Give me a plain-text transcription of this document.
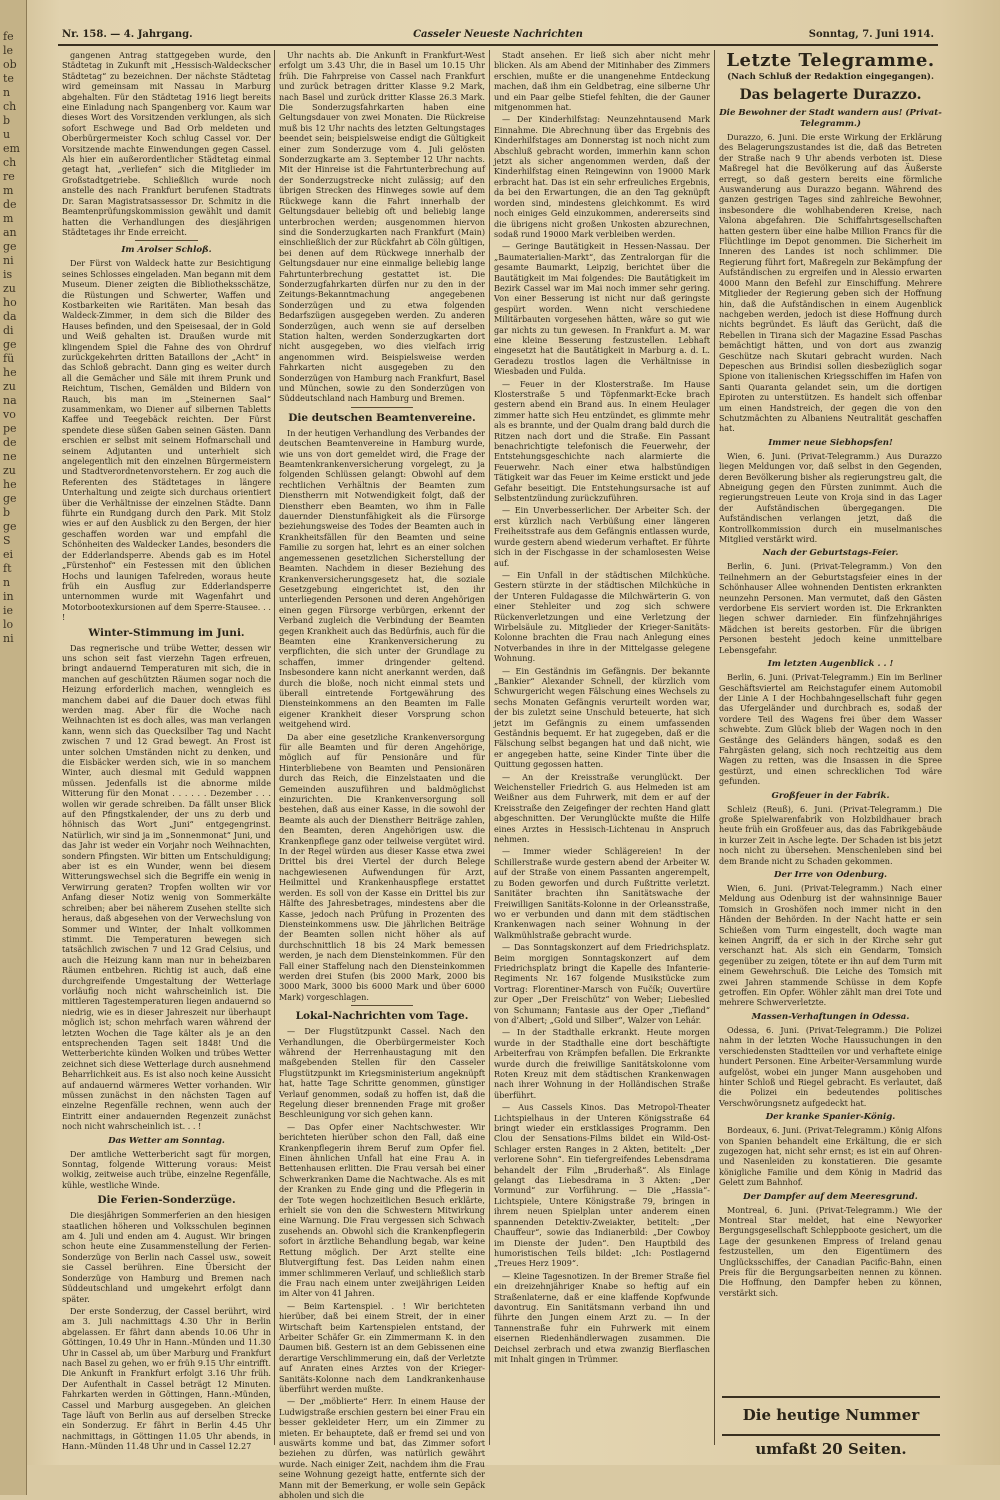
fe
le
ob
te
n
ch
b
u
em
ch
re
m
de
m
an
ge
ni
is
zu
ho
da
di
ge
fü
he
zu
na
vo
pe
de
ne
zu
he
ge
b
ge
S
ei
ft
n
in
ie
lo
ni
Nr. 158. — 4. Jahrgang.	Casseler Neueste Nachrichten	Sonntag, 7. Juni 1914.

gangenen Antrag stattgegeben wurde, den Städtetag in Zukunft mit „Hessisch-Waldeckscher Städtetag“ zu bezeichnen. Der nächste Städtetag wird gemeinsam mit Nassau in Marburg abgehalten. Für den Städtetag 1916 liegt bereits eine Einladung nach Spangenberg vor. Kaum war dieses Wort des Vorsitzenden verklungen, als sich sofort Eschwege und Bad Orb meldeten und Oberbürgermeister Koch schlug Cassel vor. Der Vorsitzende machte Einwendungen gegen Cassel. Als hier ein außerordentlicher Städtetag einmal getagt hat, „verliefen“ sich die Mitglieder im Großstadtgetriebe. Schließlich wurde noch anstelle des nach Frankfurt berufenen Stadtrats Dr. Saran Magistratsassessor Dr. Schmitz in die Beamtenprüfungskommission gewählt und damit hatten die Verhandlungen des diesjährigen Städtetages ihr Ende erreicht.

Im Arolser Schloß.

Der Fürst von Waldeck hatte zur Besichtigung seines Schlosses eingeladen. Man begann mit dem Museum. Diener zeigten die Bibliotheksschätze, die Rüstungen und Schwerter, Waffen und Kostbarkeiten wie Raritäten. Man besah das Waldeck-Zimmer, in dem sich die Bilder des Hauses befinden, und den Speisesaal, der in Gold und Weiß gehalten ist. Draußen wurde mit klingendem Spiel die Fahne des von Ohrdruf zurückgekehrten dritten Bataillons der „Acht“ in das Schloß gebracht. Dann ging es weiter durch all die Gemächer und Säle mit ihrem Prunk und Reichtum, Tischen, Gemälden und Bildern von Rauch, bis man im „Steinernen Saal“ zusammenkam, wo Diener auf silbernen Tabletts Kaffee und Teegebäck reichten. Der Fürst spendete diese süßen Gaben seinen Gästen. Dann erschien er selbst mit seinem Hofmarschall und seinem Adjutanten und unterhielt sich angelegentlich mit den einzelnen Bürgermeistern und Stadtverordnetenvorstehern. Er zog auch die Referenten des Städtetages in längere Unterhaltung und zeigte sich durchaus orientiert über die Verhältnisse der einzelnen Städte. Dann führte ein Rundgang durch den Park. Mit Stolz wies er auf den Ausblick zu den Bergen, der hier geschaffen worden war und empfahl die Schönheiten des Waldecker Landes, besonders die der Edderlandsperre. Abends gab es im Hotel „Fürstenhof“ ein Festessen mit den üblichen Hochs und launigen Tafelreden, woraus heute früh ein Ausflug zur Edderlandsperre unternommen wurde mit Wagenfahrt und Motorbootexkursionen auf dem Sperre-Stausee. . . !

Winter-Stimmung im Juni.

Das regnerische und trübe Wetter, dessen wir uns schon seit fast vierzehn Tagen erfreuen, bringt andauernd Temperaturen mit sich, die in manchen auf geschützten Räumen sogar noch die Heizung erforderlich machen, wenngleich es manchem dabei auf die Dauer doch etwas fühl werden mag. Aber für die Woche nach Weihnachten ist es doch alles, was man verlangen kann, wenn sich das Quecksilber Tag und Nacht zwischen 7 und 12 Grad bewegt. An Frost ist unter solchen Umständen nicht zu denken, und die Eisbäcker werden sich, wie in so manchem Winter, auch diesmal mit Geduld wappnen müssen. Jedenfalls ist die abnorme milde Witterung für den Monat . . . . . . Dezember . . . wollen wir gerade schreiben. Da fällt unser Blick auf den Pfingstkalender, der uns zu derb und höhnisch das Wort „Juni“ entgegengrinst. Natürlich, wir sind ja im „Sonnenmonat“ Juni, und das Jahr ist weder ein Vorjahr noch Weihnachten, sondern Pfingsten. Wir bitten um Entschuldigung; aber ist es ein Wunder, wenn bei diesem Witterungswechsel sich die Begriffe ein wenig in Verwirrung geraten? Tropfen wollten wir vor Anfang dieser Notiz wenig von Sommerkälte schreiben; aber bei näherem Zusehen stellte sich heraus, daß abgesehen von der Verwechslung von Sommer und Winter, der Inhalt vollkommen stimmt. Die Temperaturen bewegen sich tatsächlich zwischen 7 und 12 Grad Celsius, und auch die Heizung kann man nur in beheizbaren Räumen entbehren. Richtig ist auch, daß eine durchgreifende Umgestaltung der Wetterlage vorläufig noch nicht wahrscheinlich ist. Die mittleren Tagestemperaturen liegen andauernd so niedrig, wie es in dieser Jahreszeit nur überhaupt möglich ist; schon mehrfach waren während der letzten Wochen die Tage kälter als je an den entsprechenden Tagen seit 1848! Und die Wetterberichte künden Wolken und trübes Wetter zeichnet sich diese Wetterlage durch ausnehmend Beharrlichkeit aus. Es ist also noch keine Aussicht auf andauernd wärmeres Wetter vorhanden. Wir müssen zunächst in den nächsten Tagen auf einzelne Regenfälle rechnen, wenn auch der Eintritt einer andauernden Regenzeit zunächst noch nicht wahrscheinlich ist. . . !

Das Wetter am Sonntag.

Der amtliche Wetterbericht sagt für morgen, Sonntag, folgende Witterung voraus: Meist wolkig, zeitweise auch trübe, einzelne Regenfälle, kühle, westliche Winde.

Die Ferien-Sonderzüge.

Die diesjährigen Sommerferien an den hiesigen staatlichen höheren und Volksschulen beginnen am 4. Juli und enden am 4. August. Wir bringen schon heute eine Zusammenstellung der Ferien-Sonderzüge von Berlin nach Cassel usw., soweit sie Cassel berühren. Eine Übersicht der Sonderzüge von Hamburg und Bremen nach Süddeutschland und umgekehrt erfolgt dann später.

Der erste Sonderzug, der Cassel berührt, wird am 3. Juli nachmittags 4.30 Uhr in Berlin abgelassen. Er fährt dann abends 10.06 Uhr in Göttingen, 10.49 Uhr in Hann.-Münden und 11.30 Uhr in Cassel ab, um über Marburg und Frankfurt nach Basel zu gehen, wo er früh 9.15 Uhr eintrifft. Die Ankunft in Frankfurt erfolgt 3.16 Uhr früh. Der Aufenthalt in Cassel beträgt 12 Minuten. Fahrkarten werden in Göttingen, Hann.-Münden, Cassel und Marburg ausgegeben. An gleichen Tage läuft von Berlin aus auf derselben Strecke ein Sonderzug. Er fährt in Berlin 4.45 Uhr nachmittags, in Göttingen 11.05 Uhr abends, in Hann.-Münden 11.48 Uhr und in Cassel 12.27

Uhr nachts ab. Die Ankunft in Frankfurt-West erfolgt um 3.43 Uhr, die in Basel um 10.15 Uhr früh. Die Fahrpreise von Cassel nach Frankfurt und zurück betragen dritter Klasse 9.2 Mark, nach Basel und zurück dritter Klasse 26.3 Mark. Die Sonderzugsfahrkarten haben eine Geltungsdauer von zwei Monaten. Die Rückreise muß bis 12 Uhr nachts des letzten Geltungstages beendet sein; beispielsweise endigt die Gültigkeit einer zum Sonderzuge vom 4. Juli gelösten Sonderzugkarte am 3. September 12 Uhr nachts. Mit der Hinreise ist die Fahrtunterbrechung auf der Sonderzugstrecke nicht zulässig; auf den übrigen Strecken des Hinweges sowie auf dem Rückwege kann die Fahrt innerhalb der Geltungsdauer beliebig oft und beliebig lange unterbrochen werden; ausgenommen hiervon sind die Sonderzugkarten nach Frankfurt (Main) einschließlich der zur Rückfahrt ab Cöln gültigen, bei denen auf dem Rückwege innerhalb der Geltungsdauer nur eine einmalige beliebig lange Fahrtunterbrechung gestattet ist. Die Sonderzugfahrkarten dürfen nur zu den in der Zeitungs-Bekanntmachung angegebenen Sonderzügen und zu etwa folgenden Bedarfszügen ausgegeben werden. Zu anderen Sonderzügen, auch wenn sie auf derselben Station halten, werden Sonderzugkarten dort nicht ausgegeben, wo dies vielfach irrig angenommen wird. Beispielsweise werden Fahrkarten nicht ausgegeben zu den Sonderzügen von Hamburg nach Frankfurt, Basel und München, sowie zu den Sonderzügen von Süddeutschland nach Hamburg und Bremen.

Die deutschen Beamtenvereine.

In der heutigen Verhandlung des Verbandes der deutschen Beamtenvereine in Hamburg wurde, wie uns von dort gemeldet wird, die Frage der Beamtenkrankenversicherung vorgelegt, zu ja folgenden Schlüssen gelangt: Obwohl auf dem rechtlichen Verhältnis der Beamten zum Dienstherrn mit Notwendigkeit folgt, daß der Dienstherr eben Beamten, wo ihm in Falle dauernder Dienstunfähigkeit als die Fürsorge beziehungsweise des Todes der Beamten auch in Krankheitsfällen für den Beamten und seine Familie zu sorgen hat, lehrt es an einer solchen angemessenen gesetzlichen Sicherstellung der Beamten. Nachdem in dieser Beziehung des Krankenversicherungsgesetz hat, die soziale Gesetzgebung eingerichtet ist, den ihr unterliegenden Personen und deren Angehörigen einen gegen Fürsorge verbürgen, erkennt der Verband zugleich die Verbindung der Beamten gegen Krankheit auch das Bedürfnis, auch für die Beamten eine Krankenversicherung zu verpflichten, die sich unter der Grundlage zu schaffen, immer dringender geltend. Insbesondere kann nicht anerkannt werden, daß durch die bloße, noch nicht einmal stets und überall eintretende Fortgewährung des Diensteinkommens an den Beamten im Falle eigener Krankheit dieser Vorsprung schon weitgehend wird.

Da aber eine gesetzliche Krankenversorgung für alle Beamten und für deren Angehörige, möglich auf für Pensionäre und für Hinterbliebene von Beamten und Pensionären durch das Reich, die Einzelstaaten und die Gemeinden auszuführen und baldmöglichst einzurichten. Die Krankenversorgung soll bestehen, daß aus einer Kasse, in die sowohl der Beamte als auch der Dienstherr Beiträge zahlen, den Beamten, deren Angehörigen usw. die Krankenpflege ganz oder teilweise vergütet wird. In der Regel würden aus dieser Kasse etwa zwei Drittel bis drei Viertel der durch Belege nachgewiesenen Aufwendungen für Arzt, Heilmittel und Krankenhauspflege erstattet werden. Es soll von der Kasse ein Drittel bis zur Hälfte des Jahresbetrages, mindestens aber die Kasse, jedoch nach Prüfung in Prozenten des Diensteinkommens usw. Die jährlichen Beiträge der Beamten sollen nicht höher als auf durchschnittlich 18 bis 24 Mark bemessen werden, je nach dem Diensteinkommen. Für den Fall einer Staffelung nach den Diensteinkommen werden drei Stufen (bis 2000 Mark, 2000 bis 3000 Mark, 3000 bis 6000 Mark und über 6000 Mark) vorgeschlagen.

Lokal-Nachrichten vom Tage.

— Der Flugstützpunkt Cassel. Nach den Verhandlungen, die Oberbürgermeister Koch während der Herrenhaustagung mit den maßgebenden Stellen für den Casseler Flugstützpunkt im Kriegsministerium angeknüpft hat, hatte Tage Schritte genommen, günstiger Verlauf genommen, sodaß zu hoffen ist, daß die Regelung dieser brennenden Frage mit großer Beschleunigung vor sich gehen kann.

— Das Opfer einer Nachtschwester. Wir berichteten hierüber schon den Fall, daß eine Krankenpflegerin ihrem Beruf zum Opfer fiel. Einen ähnlichen Unfall hat eine Frau A. in Bettenhausen erlitten. Die Frau versah bei einer Schwerkranken Dame die Nachtwache. Als es mit der Kranken zu Ende ging und die Pflegerin in der Tote wegen hochzeitlichen Besuch erklärte, erhielt sie von den die Schwestern Mitwirkung eine Warnung. Die Frau vergessen sich Schwach zusehends an. Obwohl sich die Krankenpflegerin sofort in ärztliche Behandlung begab, war keine Rettung möglich. Der Arzt stellte eine Blutvergiftung fest. Das Leiden nahm einen immer schlimmeren Verlauf, und schließlich starb die Frau nach einem unter zweijährigen Leiden im Alter von 41 Jahren.

— Beim Kartenspiel. . ! Wir berichteten hierüber, daß bei einem Streit, der in einer Wirtschaft beim Kartenspielen entstand, der Arbeiter Schäfer Gr. ein Zimmermann K. in den Daumen biß. Gestern ist an dem Gebissenen eine derartige Verschlimmerung ein, daß der Verletzte auf Anraten eines Arztes von der Krieger-Sanitäts-Kolonne nach dem Landkrankenhause überführt werden mußte.

— Der „möblierte“ Herr. In einem Hause der Ludwigstraße erschien gestern bei einer Frau ein besser gekleideter Herr, um ein Zimmer zu mieten. Er behauptete, daß er fremd sei und von auswärts komme und bat, das Zimmer sofort beziehen zu dürfen, was natürlich gewährt wurde. Nach einiger Zeit, nachdem ihm die Frau seine Wohnung gezeigt hatte, entfernte sich der Mann mit der Bemerkung, er wolle sein Gepäck abholen und sich die

Stadt ansehen. Er ließ sich aber nicht mehr blicken. Als am Abend der Mitinhaber des Zimmers erschien, mußte er die unangenehme Entdeckung machen, daß ihm ein Geldbetrag, eine silberne Uhr und ein Paar gelbe Stiefel fehlten, die der Gauner mitgenommen hat.

— Der Kinderhilfstag: Neunzehntausend Mark Einnahme. Die Abrechnung über das Ergebnis des Kinderhilfstages am Donnerstag ist noch nicht zum Abschluß gebracht worden, immerhin kann schon jetzt als sicher angenommen werden, daß der Kinderhilfstag einen Reingewinn von 19000 Mark erbracht hat. Das ist ein sehr erfreuliches Ergebnis, da bei den Erwartungen, die an den Tag geknüpft worden sind, mindestens gleichkommt. Es wird noch einiges Geld einzukommen, andererseits sind die übrigens nicht großen Unkosten abzurechnen, sodaß rund 19000 Mark verbleiben werden.

— Geringe Bautätigkeit in Hessen-Nassau. Der „Baumaterialien-Markt“, das Zentralorgan für die gesamte Baumarkt, Leipzig, berichtet über die Bautätigkeit im Mai folgendes: Die Bautätigkeit im Bezirk Cassel war im Mai noch immer sehr gering. Von einer Besserung ist nicht nur daß geringste gespürt worden. Wenn nicht verschiedene Militärbauten vorgesehen hätten, wäre so gut wie gar nichts zu tun gewesen. In Frankfurt a. M. war eine kleine Besserung festzustellen. Lebhaft eingesetzt hat die Bautätigkeit in Marburg a. d. L. Geradezu trostlos lagen die Verhältnisse in Wiesbaden und Fulda.

— Feuer in der Klosterstraße. Im Hause Klosterstraße 5 und Töpfenmarkt-Ecke brach gestern abend ein Brand aus. In einem Heulager zimmer hatte sich Heu entzündet, es glimmte mehr als es brannte, und der Qualm drang bald durch die Ritzen nach dort und die Straße. Ein Passant benachrichtigte telefonisch die Feuerwehr, der Entstehungsgeschichte nach alarmierte die Feuerwehr. Nach einer etwa halbstündigen Tätigkeit war das Feuer im Keime erstickt und jede Gefahr beseitigt. Die Entstehungsursache ist auf Selbstentzündung zurückzuführen.

— Ein Unverbesserlicher. Der Arbeiter Sch. der erst kürzlich nach Verbüßung einer längeren Freiheitsstrafe aus dem Gefängnis entlassen wurde, wurde gestern abend wiederum verhaftet. Er führte sich in der Fischgasse in der schamlosesten Weise auf.

— Ein Unfall in der städtischen Milchküche. Gestern stürzte in der städtischen Milchküche in der Unteren Fuldagasse die Milchwärterin G. von einer Stehleiter und zog sich schwere Rückenverletzungen und eine Verletzung der Wirbelsäule zu. Mitglieder der Krieger-Sanitäts-Kolonne brachten die Frau nach Anlegung eines Notverbandes in ihre in der Mittelgasse gelegene Wohnung.

— Ein Geständnis im Gefängnis. Der bekannte „Bankier“ Alexander Schnell, der kürzlich vom Schwurgericht wegen Fälschung eines Wechsels zu sechs Monaten Gefängnis verurteilt worden war, der bis zuletzt seine Unschuld beteuerte, hat sich jetzt im Gefängnis zu einem umfassenden Geständnis bequemt. Er hat zugegeben, daß er die Fälschung selbst begangen hat und daß nicht, wie er angegeben hatte, seine Kinder Tinte über die Quittung gegossen hatten.

— An der Kreisstraße verunglückt. Der Weichensteller Friedrich G. aus Helmeden ist am Weißner aus dem Fuhrwerk, mit dem er auf der Kreisstraße den Zeigefinger der rechten Hand glatt abgeschnitten. Der Verunglückte mußte die Hilfe eines Arztes in Hessisch-Lichtenau in Anspruch nehmen.

— Immer wieder Schlägereien! In der Schillerstraße wurde gestern abend der Arbeiter W. auf der Straße von einem Passanten angerempelt, zu Boden geworfen und durch Fußtritte verletzt. Sanitäter brachten ihn Sanitätswache der Freiwilligen Sanitäts-Kolonne in der Orleansstraße, wo er verbunden und dann mit dem städtischen Krankenwagen nach seiner Wohnung in der Walkmühlstraße gebracht wurde.

— Das Sonntagskonzert auf dem Friedrichsplatz. Beim morgigen Sonntagskonzert auf dem Friedrichsplatz bringt die Kapelle des Infanterie-Regiments Nr. 167 folgende Musikstücke zum Vortrag: Florentiner-Marsch von Fučík; Ouvertüre zur Oper „Der Freischütz“ von Weber; Liebeslied von Schumann; Fantasie aus der Oper „Tiefland“ von d’Albert; „Gold und Silber“, Walzer von Lehár.

— In der Stadthalle erkrankt. Heute morgen wurde in der Stadthalle eine dort beschäftigte Arbeiterfrau von Krämpfen befallen. Die Erkrankte wurde durch die freiwillige Sanitätskolonne vom Roten Kreuz mit dem städtischen Krankenwagen nach ihrer Wohnung in der Holländischen Straße überführt.

— Aus Cassels Kinos. Das Metropol-Theater Lichtspielhaus in der Unteren Königsstraße 64 bringt wieder ein erstklassiges Programm. Den Clou der Sensations-Films bildet ein Wild-Ost-Schlager ersten Ranges in 2 Akten, betitelt: „Der verlorene Sohn“. Ein tiefergreifendes Lebensdrama behandelt der Film „Bruderhaß“. Als Einlage gelangt das Liebesdrama in 3 Akten: „Der Vormund“ zur Vorführung. — Die „Hassia“-Lichtspiele, Untere Königstraße 79, bringen in ihrem neuen Spielplan unter anderem einen spannenden Detektiv-Zweiakter, betitelt: „Der Chauffeur“, sowie das Indianerbild: „Der Cowboy im Dienste der Juden“. Den Hauptbild des humoristischen Teils bildet: „Ich: Postlagernd „Treues Herz 1909“.

— Kleine Tagesnotizen. In der Bremer Straße fiel ein dreizehnjähriger Knabe so heftig auf ein Straßenlaterne, daß er eine klaffende Kopfwunde davontrug. Ein Sanitätsmann verband ihn und führte den Jungen einem Arzt zu. — In der Tannenstraße fuhr ein Fuhrwerk mit einem eisernen Riedenhändlerwagen zusammen. Die Deichsel zerbrach und etwa zwanzig Bierflaschen mit Inhalt gingen in Trümmer.

Letzte Telegramme.
(Nach Schluß der Redaktion eingegangen).
Das belagerte Durazzo.
Die Bewohner der Stadt wandern aus! (Privat-Telegramm.)

Durazzo, 6. Juni. Die erste Wirkung der Erklärung des Belagerungszustandes ist die, daß das Betreten der Straße nach 9 Uhr abends verboten ist. Diese Maßregel hat die Bevölkerung auf das Äußerste erregt, so daß gestern bereits eine förmliche Auswanderung aus Durazzo begann. Während des ganzen gestrigen Tages sind zahlreiche Bewohner, insbesondere die wohlhabenderen Kreise, nach Valona abgefahren. Die Schiffahrtsgesellschaften hatten gestern über eine halbe Million Francs für die Flüchtlinge im Depot genommen. Die Sicherheit im Inneren des Landes ist noch schlimmer. Die Regierung führt fort, Maßregeln zur Bekämpfung der Aufständischen zu ergreifen und in Alessio erwarten 4000 Mann den Befehl zur Einschiffung. Mehrere Mitglieder der Regierung geben sich der Hoffnung hin, daß die Aufständischen in einem Augenblick nachgeben werden, jedoch ist diese Hoffnung durch nichts begründet. Es läuft das Gerücht, daß die Rebellen in Tirana sich der Magazine Essad Paschas bemächtigt hätten, und von dort aus zwanzig Geschütze nach Skutari gebracht wurden. Nach Depeschen aus Brindisi sollen diesbezüglich sogar Spione von italienischen Kriegsschiffen im Hafen von Santi Quaranta gelandet sein, um die dortigen Epiroten zu unterstützen. Es handelt sich offenbar um einen Handstreich, der gegen die von den Schutzmächten zu Albaniens Neutralität geschaffen hat.

Immer neue Siebhopsfen!

Wien, 6. Juni. (Privat-Telegramm.) Aus Durazzo liegen Meldungen vor, daß selbst in den Gegenden, deren Bevölkerung bisher als regierungstreu galt, die Abneigung gegen den Fürsten zunimmt. Auch die regierungstreuen Leute von Kroja sind in das Lager der Aufständischen übergegangen. Die Aufständischen verlangen jetzt, daß die Kontrollkommission durch ein muselmanisches Mitglied verstärkt wird.

Nach der Geburtstags-Feier.

Berlin, 6. Juni. (Privat-Telegramm.) Von den Teilnehmern an der Geburtstagsfeier eines in der Schönhauser Allee wohnenden Dentisten erkrankten neunzehn Personen. Man vermutet, daß den Gästen verdorbene Eis serviert worden ist. Die Erkrankten liegen schwer darnieder. Ein fünfzehnjähriges Mädchen ist bereits gestorben. Für die übrigen Personen besteht jedoch keine unmittelbare Lebensgefahr.

Im letzten Augenblick . . !

Berlin, 6. Juni. (Privat-Telegramm.) Ein im Berliner Geschäftsviertel am Reichstagufer einem Automobil der Linie A I der Hochbahngesellschaft fuhr gegen das Ufergeländer und durchbrach es, sodaß der vordere Teil des Wagens frei über dem Wasser schwebte. Zum Glück blieb der Wagen noch in den Gestänge des Geländers hängen, sodaß es den Fahrgästen gelang, sich noch rechtzeitig aus dem Wagen zu retten, was die Insassen in die Spree gestürzt, und einen schrecklichen Tod wäre gefunden.

Großfeuer in der Fabrik.

Schleiz (Reuß), 6. Juni. (Privat-Telegramm.) Die große Spielwarenfabrik von Holzbildhauer brach heute früh ein Großfeuer aus, das das Fabrikgebäude in kurzer Zeit in Asche legte. Der Schaden ist bis jetzt noch nicht zu übersehen. Menschenleben sind bei dem Brande nicht zu Schaden gekommen.

Der Irre von Odenburg.

Wien, 6. Juni. (Privat-Telegramm.) Nach einer Meldung aus Odenburg ist der wahnsinnige Bauer Tomsich in Groshöfen noch immer nicht in den Händen der Behörden. In der Nacht hatte er sein Schießen vom Turm eingestellt, doch wagte man keinen Angriff, da er sich in der Kirche sehr gut verschanzt hat. Als sich ein Gendarm, Tomsich gegenüber zu zeigen, tötete er ihn auf dem Turm mit einem Gewehrschuß. Die Leiche des Tomsich mit zwei Jahren stammende Schüsse in dem Kopfe getroffen. Ein Opfer. Wöhler zählt man drei Tote und mehrere Schwerverletzte.

Massen-Verhaftungen in Odessa.

Odessa, 6. Juni. (Privat-Telegramm.) Die Polizei nahm in der letzten Woche Haussuchungen in den verschiedensten Stadtteilen vor und verhaftete einige hundert Personen. Eine Arbeiter-Versammlung wurde aufgelöst, wobei ein junger Mann ausgehoben und hinter Schloß und Riegel gebracht. Es verlautet, daß die Polizei ein bedeutendes politisches Verschwörungsnetz aufgedeckt hat.

Der kranke Spanier-König.

Bordeaux, 6. Juni. (Privat-Telegramm.) König Alfons von Spanien behandelt eine Erkältung, die er sich zugezogen hat, nicht sehr ernst; es ist ein auf Ohren- und Nasenleiden zu konstatieren. Die gesamte königliche Familie und dem König in Madrid das Gelett zum Bahnhof.

Der Dampfer auf dem Meeresgrund.

Montreal, 6. Juni. (Privat-Telegramm.) Wie der Montreal Star meldet, hat eine Newyorker Bergungsgesellschaft Schleppboote gesichert, um die Lage der gesunkenen Empress of Ireland genau festzustellen, um den Eigentümern des Unglücksschiffes, der Canadian Pacific-Bahn, einen Preis für die Bergungsarbeiten nennen zu können. Die Hoffnung, den Dampfer heben zu können, verstärkt sich.

Die heutige Nummer umfaßt 20 Seiten.
